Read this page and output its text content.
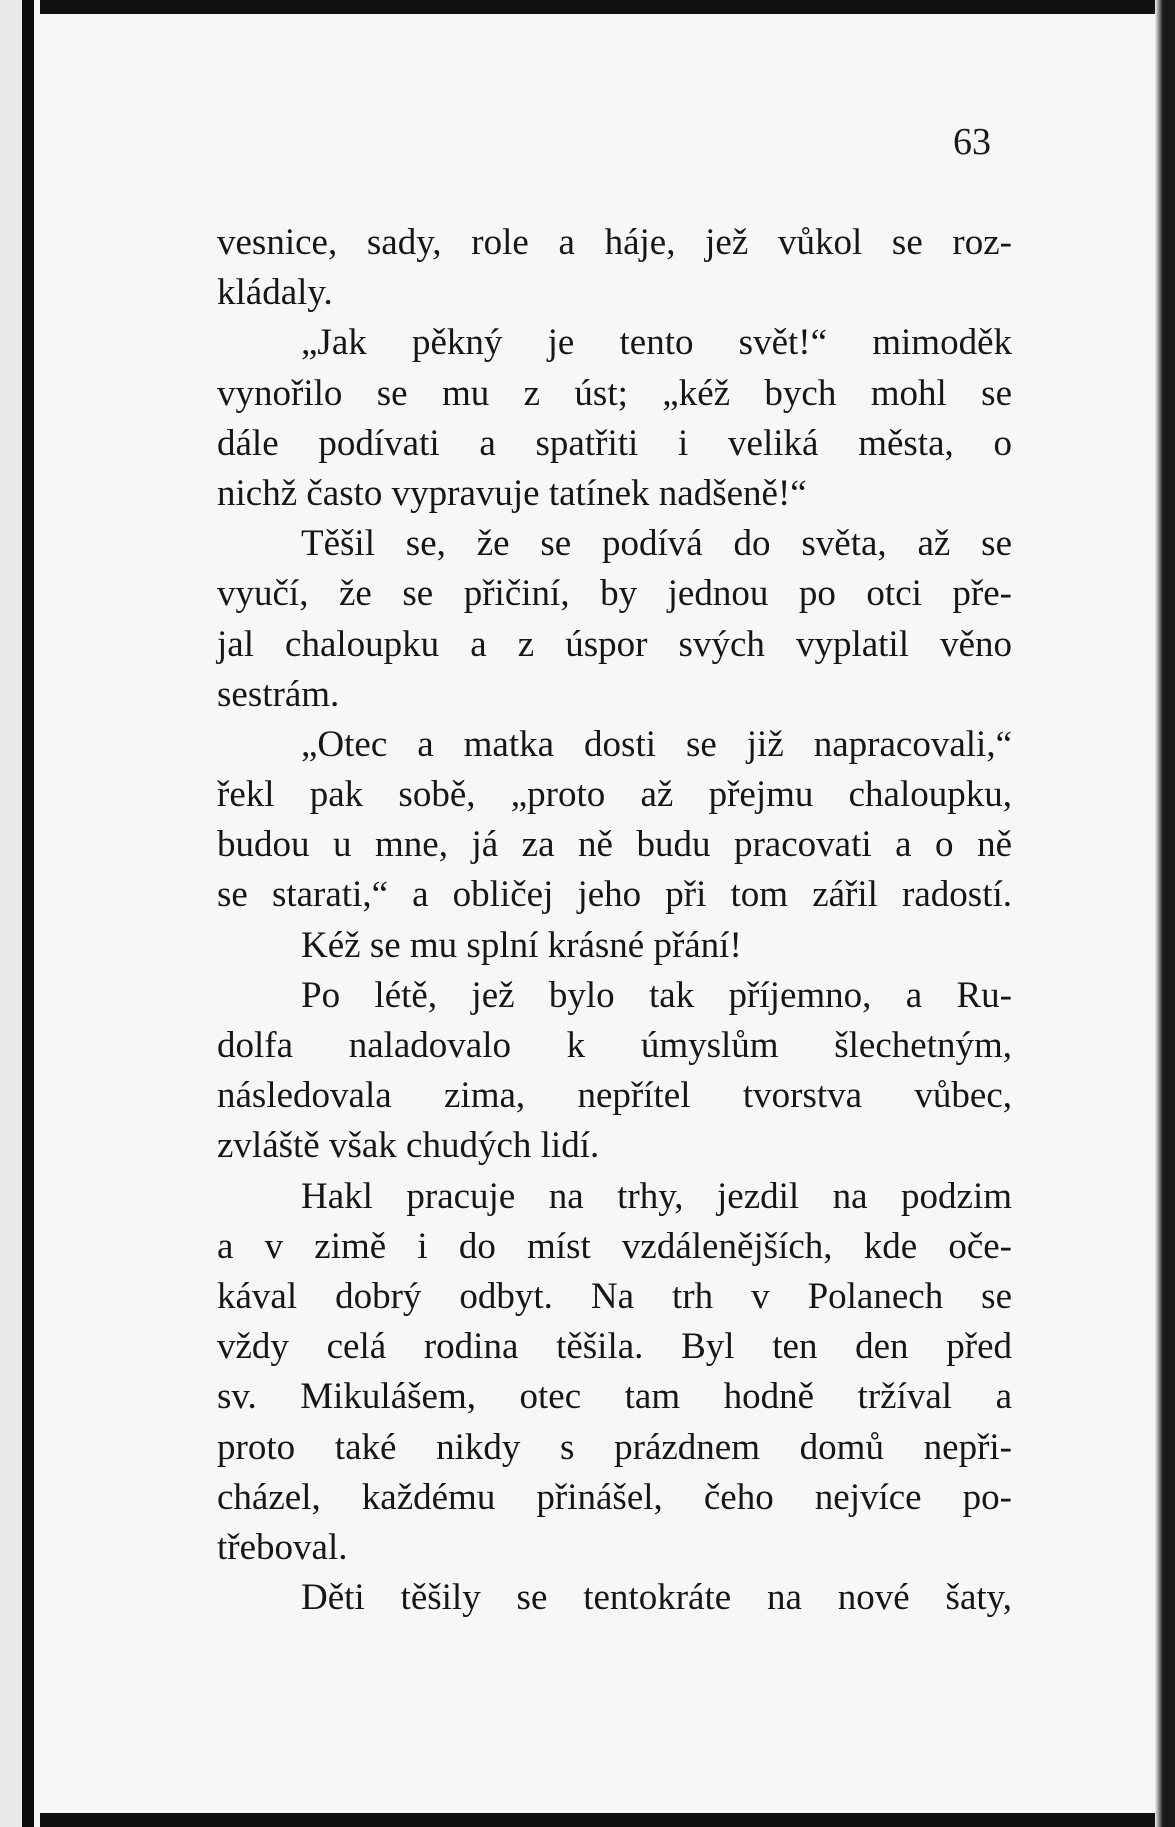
63
vesnice, sady, role a háje, jež vůkol se roz-
kládaly.
„Jak pěkný je tento svět!“ mimoděk
vynořilo se mu z úst; „kéž bych mohl se
dále podívati a spatřiti i veliká města, o
nichž často vypravuje tatínek nadšeně!“
Těšil se, že se podívá do světa, až se
vyučí, že se přičiní, by jednou po otci pře-
jal chaloupku a z úspor svých vyplatil věno
sestrám.
„Otec a matka dosti se již napracovali,“
řekl pak sobě, „proto až přejmu chaloupku,
budou u mne, já za ně budu pracovati a o ně
se starati,“ a obličej jeho při tom zářil radostí.
Kéž se mu splní krásné přání!
Po létě, jež bylo tak příjemno, a Ru-
dolfa naladovalo k úmyslům šlechetným,
následovala zima, nepřítel tvorstva vůbec,
zvláště však chudých lidí.
Hakl pracuje na trhy, jezdil na podzim
a v zimě i do míst vzdálenějších, kde oče-
kával dobrý odbyt. Na trh v Polanech se
vždy celá rodina těšila. Byl ten den před
sv. Mikulášem, otec tam hodně tržíval a
proto také nikdy s prázdnem domů nepři-
cházel, každému přinášel, čeho nejvíce po-
třeboval.
Děti těšily se tentokráte na nové šaty,
